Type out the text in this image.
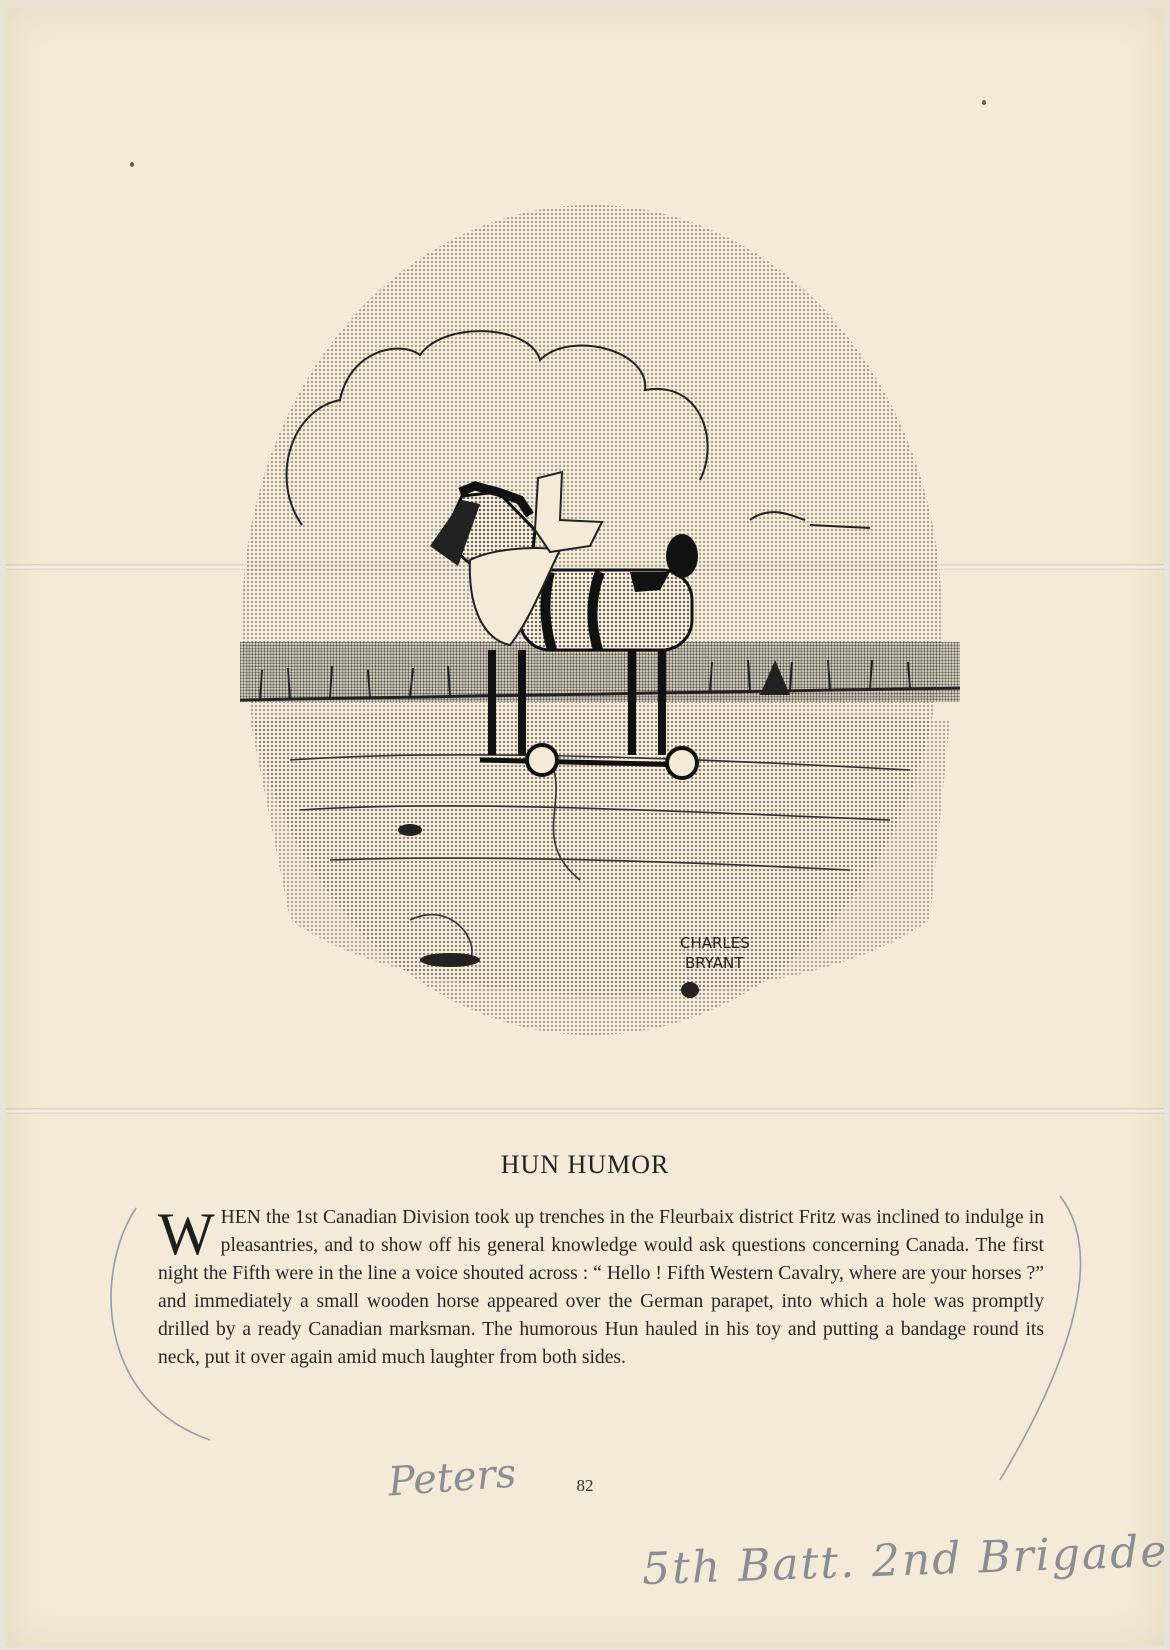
CHARLES
BRYANT
HUN HUMOR
WHEN the 1st Canadian Division took up trenches in the Fleurbaix district Fritz was inclined to indulge in pleasantries, and to show off his general knowledge would ask questions concerning Canada. The first night the Fifth were in the line a voice shouted across : “ Hello ! Fifth Western Cavalry, where are your horses ?” and immediately a small wooden horse appeared over the German parapet, into which a hole was promptly drilled by a ready Canadian marksman. The humorous Hun hauled in his toy and putting a bandage round its neck, put it over again amid much laughter from both sides.
82
Peters
5th Batt. 2nd Brigade
